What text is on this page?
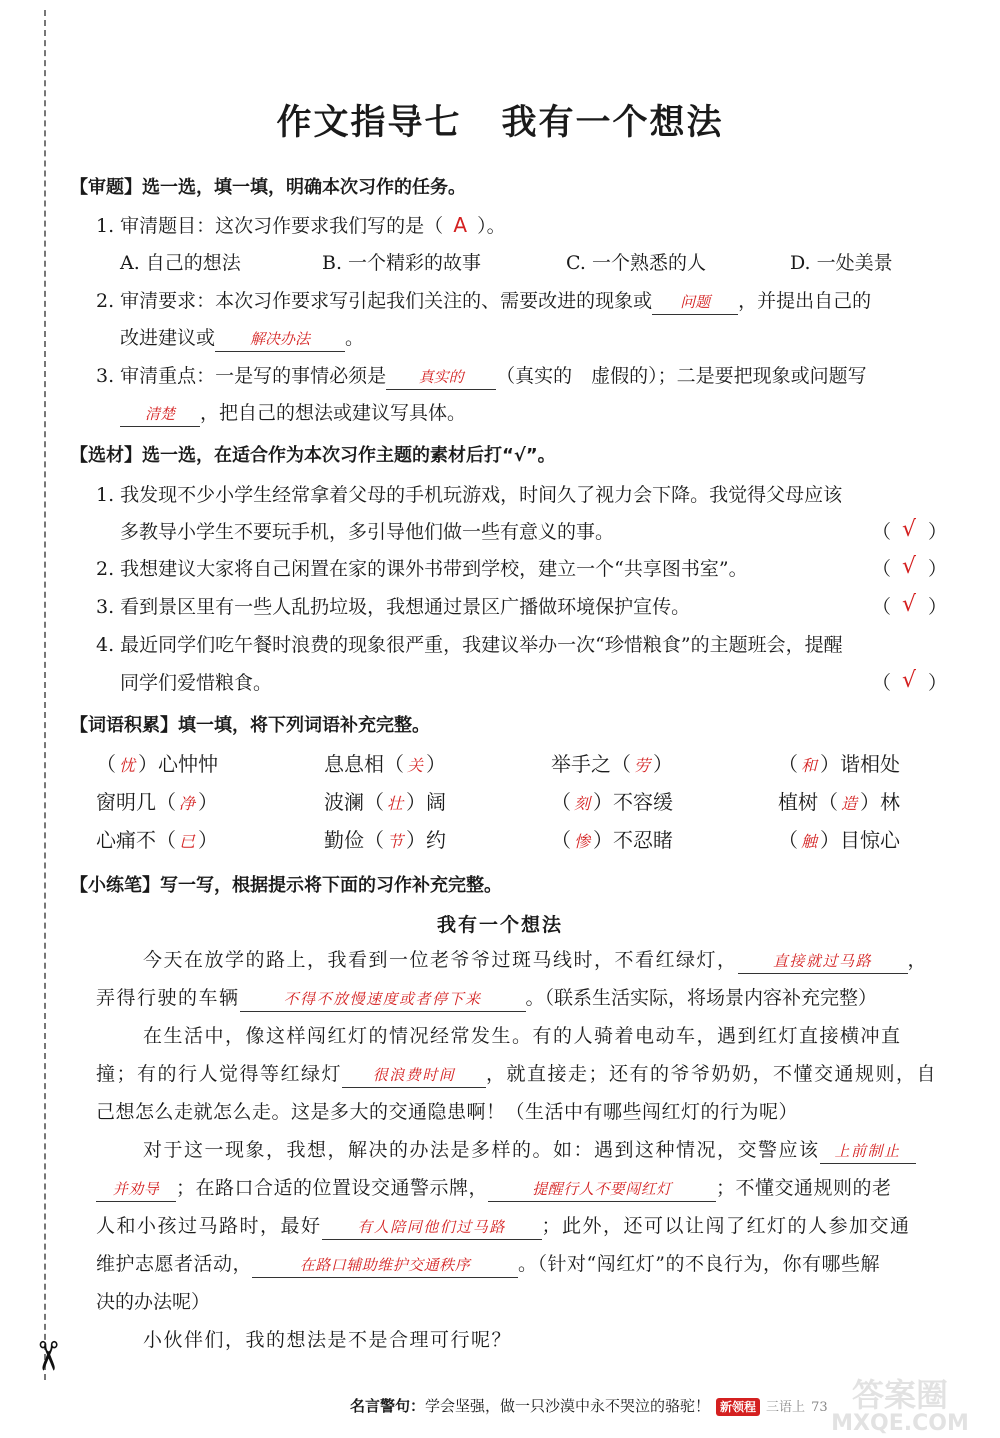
✂
作文指导七 我有一个想法
【审题】选一选，填一填，明确本次习作的任务。
1. 审清题目：这次习作要求我们写的是（ A ）。
A. 自己的想法	B. 一个精彩的故事	C. 一个熟悉的人	D. 一处美景
2. 审清要求：本次习作要求写引起我们关注的、需要改进的现象或 问题 ，并提出自己的
改进建议或 解决办法 。
3. 审清重点：一是写的事情必须是 真实的 （真实的　虚假的）；二是要把现象或问题写
清楚 ，把自己的想法或建议写具体。
【选材】选一选，在适合作为本次习作主题的素材后打“√”。
1. 我发现不少小学生经常拿着父母的手机玩游戏，时间久了视力会下降。我觉得父母应该
多教导小学生不要玩手机，多引导他们做一些有意义的事。	（ √ ）
2. 我想建议大家将自己闲置在家的课外书带到学校，建立一个“共享图书室”。	（ √ ）
3. 看到景区里有一些人乱扔垃圾，我想通过景区广播做环境保护宣传。	（ √ ）
4. 最近同学们吃午餐时浪费的现象很严重，我建议举办一次“珍惜粮食”的主题班会，提醒
同学们爱惜粮食。	（ √ ）
【词语积累】填一填，将下列词语补充完整。
（ 忧 ） 心忡忡	息息相 （ 关 ）	举手之 （ 劳 ）	（ 和 ） 谐相处
窗明几 （ 净 ）	波澜 （ 壮 ） 阔	（ 刻 ） 不容缓	植树 （ 造 ） 林
心痛不 （ 已 ）	勤俭 （ 节 ） 约	（ 惨 ） 不忍睹	（ 触 ） 目惊心
【小练笔】写一写，根据提示将下面的习作补充完整。
我有一个想法
今天在放学的路上，我看到一位老爷爷过斑马线时，不看红绿灯， 直接就过马路 ，
弄得行驶的车辆	不得不放慢速度或者停下来 。（联系生活实际，将场景内容补充完整）
在生活中，像这样闯红灯的情况经常发生。有的人骑着电动车，遇到红灯直接横冲直
撞；有的行人觉得等红绿灯 很浪费时间 ，就直接走；还有的爷爷奶奶，不懂交通规则，自
己想怎么走就怎么走。这是多大的交通隐患啊！（生活中有哪些闯红灯的行为呢）
对于这一现象，我想，解决的办法是多样的。如：遇到这种情况，交警应该 上前制止
并劝导 ；在路口合适的位置设交通警示牌，	提醒行人不要闯红灯 ；不懂交通规则的老
人和小孩过马路时，最好 有人陪同他们过马路 ；此外，还可以让闯了红灯的人参加交通
维护志愿者活动，	在路口辅助维护交通秩序	。（针对“闯红灯”的不良行为，你有哪些解
决的办法呢）
小伙伴们，我的想法是不是合理可行呢？
名言警句：学会坚强，做一只沙漠中永不哭泣的骆驼！ 新领程 三语上 73 答案圈
MXQE.COM
